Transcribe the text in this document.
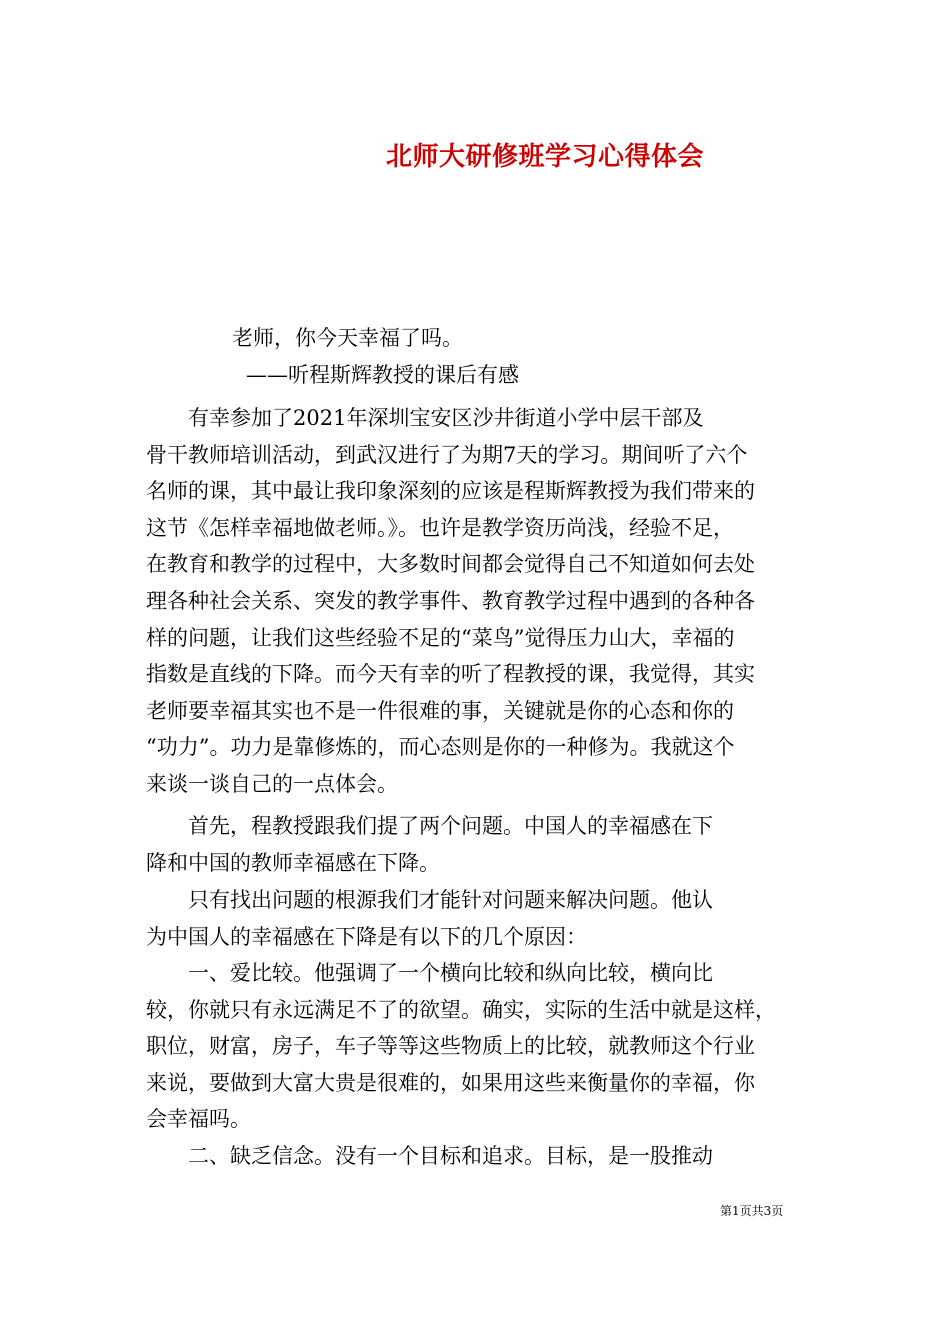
北师大研修班学习心得体会
老师，你今天幸福了吗。
——听程斯辉教授的课后有感
　　有幸参加了2021年深圳宝安区沙井街道小学中层干部及
骨干教师培训活动，到武汉进行了为期7天的学习。期间听了六个
名师的课，其中最让我印象深刻的应该是程斯辉教授为我们带来的
这节《怎样幸福地做老师。》。也许是教学资历尚浅，经验不足，
在教育和教学的过程中，大多数时间都会觉得自己不知道如何去处
理各种社会关系、突发的教学事件、教育教学过程中遇到的各种各
样的问题，让我们这些经验不足的“菜鸟”觉得压力山大，幸福的
指数是直线的下降。而今天有幸的听了程教授的课，我觉得，其实
老师要幸福其实也不是一件很难的事，关键就是你的心态和你的
“功力”。功力是靠修炼的，而心态则是你的一种修为。我就这个
来谈一谈自己的一点体会。
　　首先，程教授跟我们提了两个问题。中国人的幸福感在下
降和中国的教师幸福感在下降。
　　只有找出问题的根源我们才能针对问题来解决问题。他认
为中国人的幸福感在下降是有以下的几个原因：
　　一、爱比较。他强调了一个横向比较和纵向比较，横向比
较，你就只有永远满足不了的欲望。确实，实际的生活中就是这样，
职位，财富，房子，车子等等这些物质上的比较，就教师这个行业
来说，要做到大富大贵是很难的，如果用这些来衡量你的幸福，你
会幸福吗。
　　二、缺乏信念。没有一个目标和追求。目标，是一股推动
第1页共3页
